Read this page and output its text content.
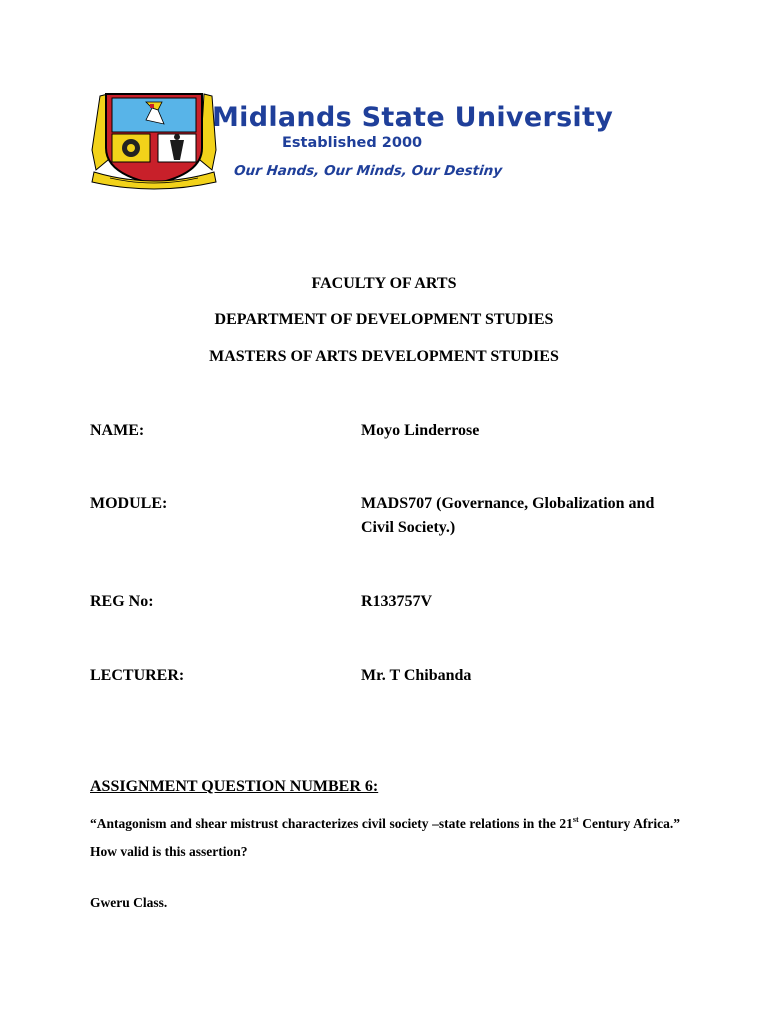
Midlands State University
Established 2000
Our Hands, Our Minds, Our Destiny
FACULTY OF ARTS
DEPARTMENT OF DEVELOPMENT STUDIES
MASTERS OF ARTS DEVELOPMENT STUDIES
NAME:	Moyo Linderrose
MODULE:	MADS707 (Governance, Globalization and Civil Society.)
REG No:	R133757V
LECTURER:	Mr. T Chibanda
ASSIGNMENT QUESTION NUMBER 6:
“Antagonism and shear mistrust characterizes civil society –state relations in the 21st Century Africa.” How valid is this assertion?
Gweru Class.
